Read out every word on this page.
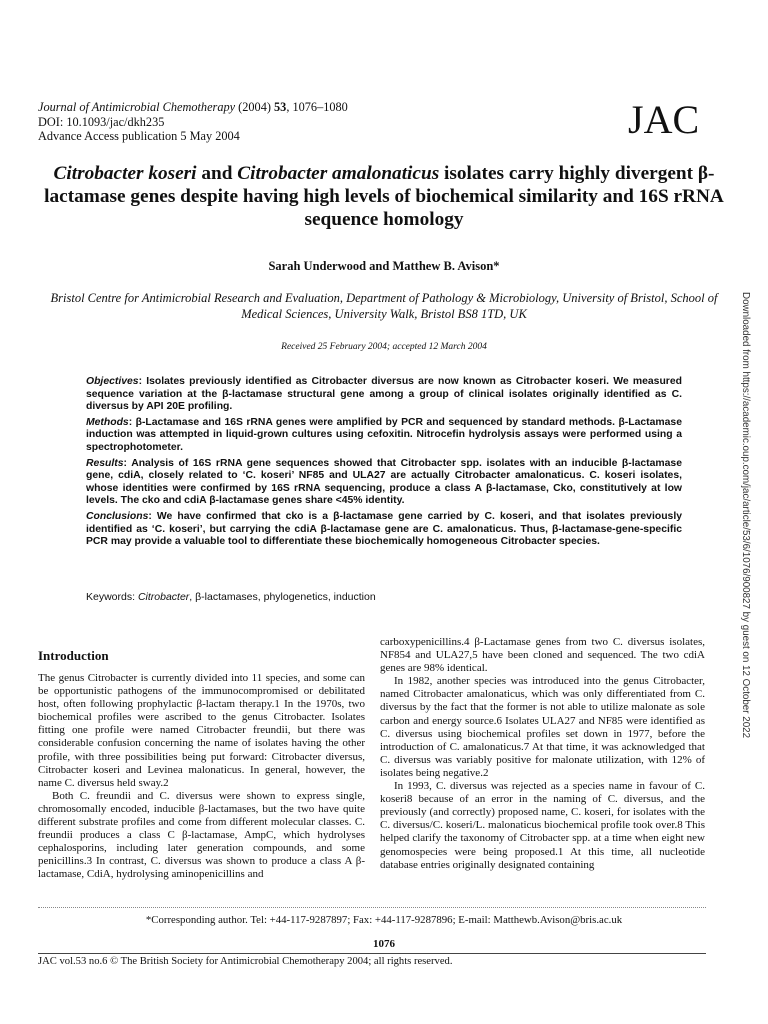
Journal of Antimicrobial Chemotherapy (2004) 53, 1076–1080
DOI: 10.1093/jac/dkh235
Advance Access publication 5 May 2004	JAC
Citrobacter koseri and Citrobacter amalonaticus isolates carry highly divergent β-lactamase genes despite having high levels of biochemical similarity and 16S rRNA sequence homology
Sarah Underwood and Matthew B. Avison*
Bristol Centre for Antimicrobial Research and Evaluation, Department of Pathology & Microbiology, University of Bristol, School of Medical Sciences, University Walk, Bristol BS8 1TD, UK
Received 25 February 2004; accepted 12 March 2004

Objectives: Isolates previously identified as Citrobacter diversus are now known as Citrobacter koseri. We measured sequence variation at the β-lactamase structural gene among a group of clinical isolates originally identified as C. diversus by API 20E profiling.

Methods: β-Lactamase and 16S rRNA genes were amplified by PCR and sequenced by standard methods. β-Lactamase induction was attempted in liquid-grown cultures using cefoxitin. Nitrocefin hydrolysis assays were performed using a spectrophotometer.

Results: Analysis of 16S rRNA gene sequences showed that Citrobacter spp. isolates with an inducible β-lactamase gene, cdiA, closely related to ‘C. koseri’ NF85 and ULA27 are actually Citrobacter amalonaticus. C. koseri isolates, whose identities were confirmed by 16S rRNA sequencing, produce a class A β-lactamase, Cko, constitutively at low levels. The cko and cdiA β-lactamase genes share <45% identity.

Conclusions: We have confirmed that cko is a β-lactamase gene carried by C. koseri, and that isolates previously identified as ‘C. koseri’, but carrying the cdiA β-lactamase gene are C. amalonaticus. Thus, β-lactamase-gene-specific PCR may provide a valuable tool to differentiate these biochemically homogeneous Citrobacter species.

Keywords: Citrobacter, β-lactamases, phylogenetics, induction
Introduction

The genus Citrobacter is currently divided into 11 species, and some can be opportunistic pathogens of the immunocompromised or debilitated host, often following prophylactic β-lactam therapy.1 In the 1970s, two biochemical profiles were ascribed to the genus Citrobacter. Isolates fitting one profile were named Citrobacter freundii, but there was considerable confusion concerning the name of isolates having the other profile, with three possibilities being put forward: Citrobacter diversus, Citrobacter koseri and Levinea malonaticus. In general, however, the name C. diversus held sway.2

Both C. freundii and C. diversus were shown to express single, chromosomally encoded, inducible β-lactamases, but the two have quite different substrate profiles and come from different molecular classes. C. freundii produces a class C β-lactamase, AmpC, which hydrolyses cephalosporins, including later generation compounds, and some penicillins.3 In contrast, C. diversus was shown to produce a class A β-lactamase, CdiA, hydrolysing aminopenicillins and

carboxypenicillins.4 β-Lactamase genes from two C. diversus isolates, NF854 and ULA27,5 have been cloned and sequenced. The two cdiA genes are 98% identical.

In 1982, another species was introduced into the genus Citrobacter, named Citrobacter amalonaticus, which was only differentiated from C. diversus by the fact that the former is not able to utilize malonate as sole carbon and energy source.6 Isolates ULA27 and NF85 were identified as C. diversus using biochemical profiles set down in 1977, before the introduction of C. amalonaticus.7 At that time, it was acknowledged that C. diversus was variably positive for malonate utilization, with 12% of isolates being negative.2

In 1993, C. diversus was rejected as a species name in favour of C. koseri8 because of an error in the naming of C. diversus, and the previously (and correctly) proposed name, C. koseri, for isolates with the C. diversus/C. koseri/L. malonaticus biochemical profile took over.8 This helped clarify the taxonomy of Citrobacter spp. at a time when eight new genomospecies were being proposed.1 At this time, all nucleotide database entries originally designated containing

*Corresponding author. Tel: +44-117-9287897; Fax: +44-117-9287896; E-mail: Matthewb.Avison@bris.ac.uk
1076
JAC vol.53 no.6 © The British Society for Antimicrobial Chemotherapy 2004; all rights reserved.
Downloaded from https://academic.oup.com/jac/article/53/6/1076/900827 by guest on 12 October 2022
